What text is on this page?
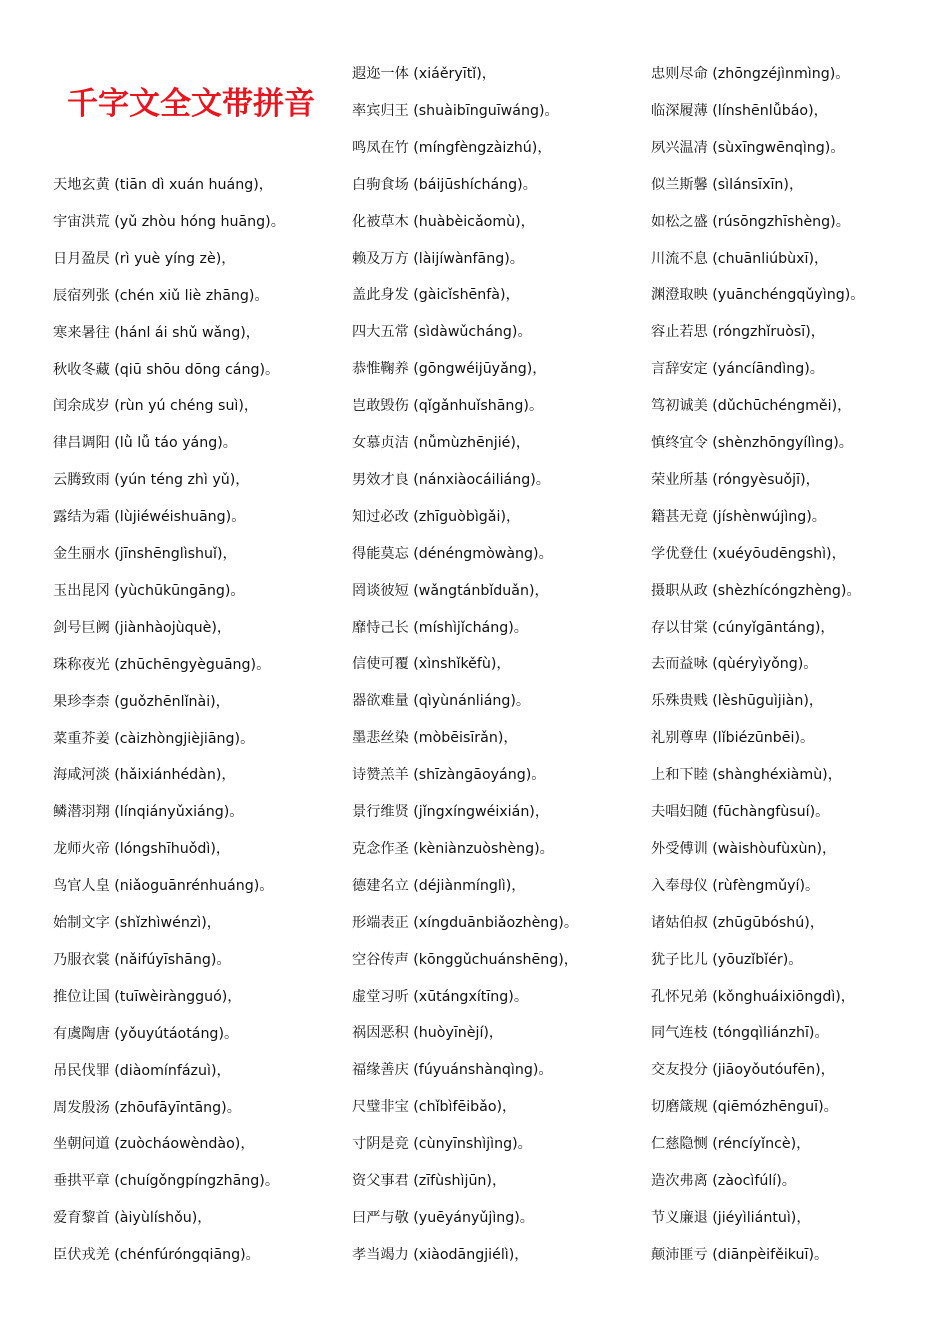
千字文全文带拼音
天地玄黄 (tiān dì xuán huáng)，
宇宙洪荒 (yǔ zhòu hóng huāng)。
日月盈昃 (rì yuè yíng zè)，
辰宿列张 (chén xiǔ liè zhāng)。
寒来暑往 (hánl ái shǔ wǎng)，
秋收冬藏 (qiū shōu dōng cáng)。
闰余成岁 (rùn yú chéng suì)，
律吕调阳 (lǜ lǚ táo yáng)。
云腾致雨 (yún téng zhì yǔ)，
露结为霜 (lùjiéwéishuāng)。
金生丽水 (jīnshēnglìshuǐ)，
玉出昆冈 (yùchūkūngāng)。
剑号巨阙 (jiànhàojùquè)，
珠称夜光 (zhūchēngyèguāng)。
果珍李柰 (guǒzhēnlǐnài)，
菜重芥姜 (càizhòngjièjiāng)。
海咸河淡 (hǎixiánhédàn)，
鳞潜羽翔 (línqiányǔxiáng)。
龙师火帝 (lóngshīhuǒdì)，
鸟官人皇 (niǎoguānrénhuáng)。
始制文字 (shǐzhìwénzì)，
乃服衣裳 (nǎifúyīshāng)。
推位让国 (tuīwèiràngguó)，
有虞陶唐 (yǒuyútáotáng)。
吊民伐罪 (diàomínfázuì)，
周发殷汤 (zhōufāyīntāng)。
坐朝问道 (zuòcháowèndào)，
垂拱平章 (chuígǒngpíngzhāng)。
爱育黎首 (àiyùlíshǒu)，
臣伏戎羌 (chénfúróngqiāng)。
遐迩一体 (xiáěryītǐ)，
率宾归王 (shuàibīnguīwáng)。
鸣凤在竹 (míngfèngzàizhú)，
白驹食场 (báijūshícháng)。
化被草木 (huàbèicǎomù)，
赖及万方 (làijíwànfāng)。
盖此身发 (gàicǐshēnfà)，
四大五常 (sìdàwǔcháng)。
恭惟鞠养 (gōngwéijūyǎng)，
岂敢毁伤 (qǐgǎnhuǐshāng)。
女慕贞洁 (nǚmùzhēnjié)，
男效才良 (nánxiàocáiliáng)。
知过必改 (zhīguòbìgǎi)，
得能莫忘 (dénéngmòwàng)。
罔谈彼短 (wǎngtánbǐduǎn)，
靡恃己长 (míshìjǐcháng)。
信使可覆 (xìnshǐkěfù)，
器欲难量 (qìyùnánliáng)。
墨悲丝染 (mòbēisīrǎn)，
诗赞羔羊 (shīzàngāoyáng)。
景行维贤 (jǐngxíngwéixián)，
克念作圣 (kèniànzuòshèng)。
德建名立 (déjiànmínglì)，
形端表正 (xíngduānbiǎozhèng)。
空谷传声 (kōnggǔchuánshēng)，
虚堂习听 (xūtángxítīng)。
祸因恶积 (huòyīnèjí)，
福缘善庆 (fúyuánshànqìng)。
尺璧非宝 (chǐbìfēibǎo)，
寸阴是竞 (cùnyīnshìjìng)。
资父事君 (zīfùshìjūn)，
曰严与敬 (yuēyányǔjìng)。
孝当竭力 (xiàodāngjiélì)，
忠则尽命 (zhōngzéjìnmìng)。
临深履薄 (línshēnlǚbáo)，
夙兴温凊 (sùxīngwēnqìng)。
似兰斯馨 (sìlánsīxīn)，
如松之盛 (rúsōngzhīshèng)。
川流不息 (chuānliúbùxī)，
渊澄取映 (yuānchéngqǔyìng)。
容止若思 (róngzhǐruòsī)，
言辞安定 (yáncíāndìng)。
笃初诚美 (dǔchūchéngměi)，
慎终宜令 (shènzhōngyílìng)。
荣业所基 (róngyèsuǒjī)，
籍甚无竟 (jíshènwújìng)。
学优登仕 (xuéyōudēngshì)，
摄职从政 (shèzhícóngzhèng)。
存以甘棠 (cúnyǐgāntáng)，
去而益咏 (qùéryìyǒng)。
乐殊贵贱 (lèshūguìjiàn)，
礼别尊卑 (lǐbiézūnbēi)。
上和下睦 (shànghéxiàmù)，
夫唱妇随 (fūchàngfùsuí)。
外受傅训 (wàishòufùxùn)，
入奉母仪 (rùfèngmǔyí)。
诸姑伯叔 (zhūgūbóshú)，
犹子比儿 (yōuzǐbǐér)。
孔怀兄弟 (kǒnghuáixiōngdì)，
同气连枝 (tóngqìliánzhī)。
交友投分 (jiāoyǒutóufēn)，
切磨箴规 (qiēmózhēnguī)。
仁慈隐恻 (réncíyǐncè)，
造次弗离 (zàocìfúlí)。
节义廉退 (jiéyìliántuì)，
颠沛匪亏 (diānpèifěikuī)。
